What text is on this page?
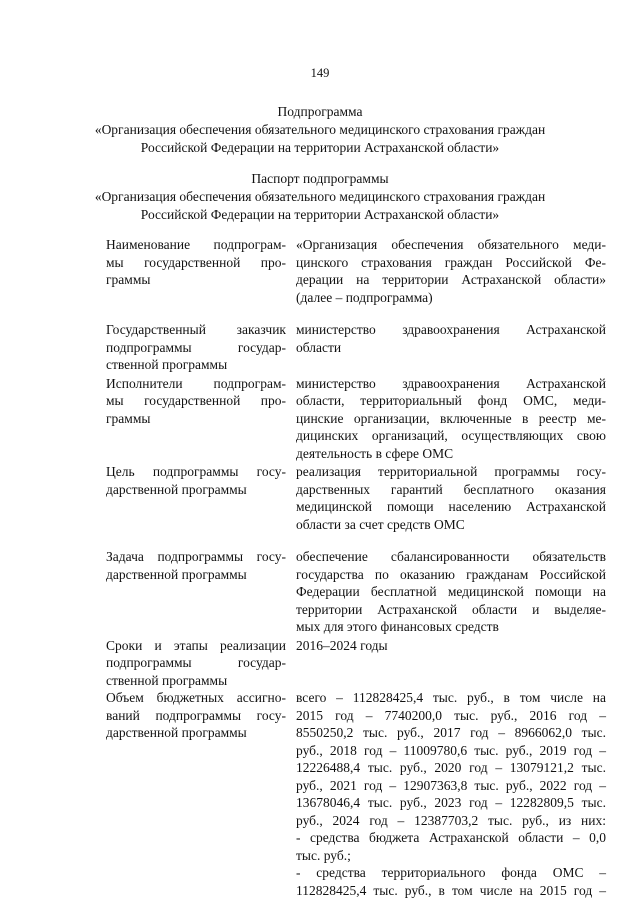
149
Подпрограмма
«Организация обеспечения обязательного медицинского страхования граждан
Российской Федерации на территории Астраханской области»
Паспорт подпрограммы
«Организация обеспечения обязательного медицинского страхования граждан
Российской Федерации на территории Астраханской области»
Наименование подпрограм-
мы государственной про-
граммы
«Организация обеспечения обязательного меди-
цинского страхования граждан Российской Фе-
дерации на территории Астраханской области»
(далее – подпрограмма)
Государственный заказчик
подпрограммы государ-
ственной программы
министерство здравоохранения Астраханской
области
Исполнители подпрограм-
мы государственной про-
граммы
министерство здравоохранения Астраханской
области, территориальный фонд ОМС, меди-
цинские организации, включенные в реестр ме-
дицинских организаций, осуществляющих свою
деятельность в сфере ОМС
Цель подпрограммы госу-
дарственной программы
реализация территориальной программы госу-
дарственных гарантий бесплатного оказания
медицинской помощи населению Астраханской
области за счет средств ОМС
Задача подпрограммы госу-
дарственной программы
обеспечение сбалансированности обязательств
государства по оказанию гражданам Российской
Федерации бесплатной медицинской помощи на
территории Астраханской области и выделяе-
мых для этого финансовых средств
Сроки и этапы реализации
подпрограммы государ-
ственной программы
2016–2024 годы
Объем бюджетных ассигно-
ваний подпрограммы госу-
дарственной программы
всего – 112828425,4 тыс. руб., в том числе на
2015 год – 7740200,0 тыс. руб., 2016 год –
8550250,2 тыс. руб., 2017 год – 8966062,0 тыс.
руб., 2018 год – 11009780,6 тыс. руб., 2019 год –
12226488,4 тыс. руб., 2020 год – 13079121,2 тыс.
руб., 2021 год – 12907363,8 тыс. руб., 2022 год –
13678046,4 тыс. руб., 2023 год – 12282809,5 тыс.
руб., 2024 год – 12387703,2 тыс. руб., из них:
- средства бюджета Астраханской области – 0,0
тыс. руб.;
- средства территориального фонда ОМС –
112828425,4 тыс. руб., в том числе на 2015 год –
